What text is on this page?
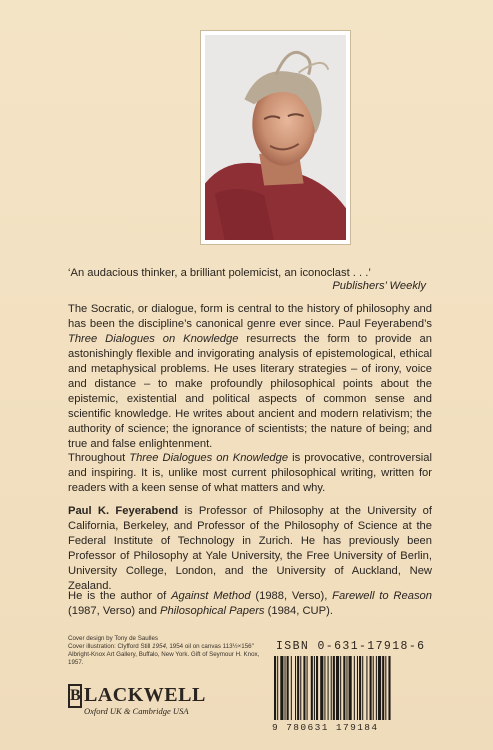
‘An audacious thinker, a brilliant polemicist, an iconoclast . . .’
Publishers’ Weekly

The Socratic, or dialogue, form is central to the history of philosophy and has been the discipline’s canonical genre ever since. Paul Feyerabend’s Three Dialogues on Knowledge resurrects the form to provide an astonishingly flexible and invigorating analysis of epistemological, ethical and metaphysical problems. He uses literary strategies – of irony, voice and distance – to make profoundly philosophical points about the epistemic, existential and political aspects of common sense and scientific knowledge. He writes about ancient and modern relativism; the authority of science; the ignorance of scientists; the nature of being; and true and false enlightenment.

Throughout Three Dialogues on Knowledge is provocative, controversial and inspiring. It is, unlike most current philosophical writing, written for readers with a keen sense of what matters and why.

Paul K. Feyerabend is Professor of Philosophy at the University of California, Berkeley, and Professor of the Philosophy of Science at the Federal Institute of Technology in Zurich. He has previously been Professor of Philosophy at Yale University, the Free University of Berlin, University College, London, and the University of Auckland, New Zealand.

He is the author of Against Method (1988, Verso), Farewell to Reason (1987, Verso) and Philosophical Papers (1984, CUP).

Cover design by Tony de Saulles
Cover illustration: Clyfford Still 1954, 1954 oil on canvas 113½×156″ Albright-Knox Art Gallery, Buffalo, New York. Gift of Seymour H. Knox, 1957.
B LACKWELL
Oxford UK & Cambridge USA
ISBN 0-631-17918-6
9 780631 179184
